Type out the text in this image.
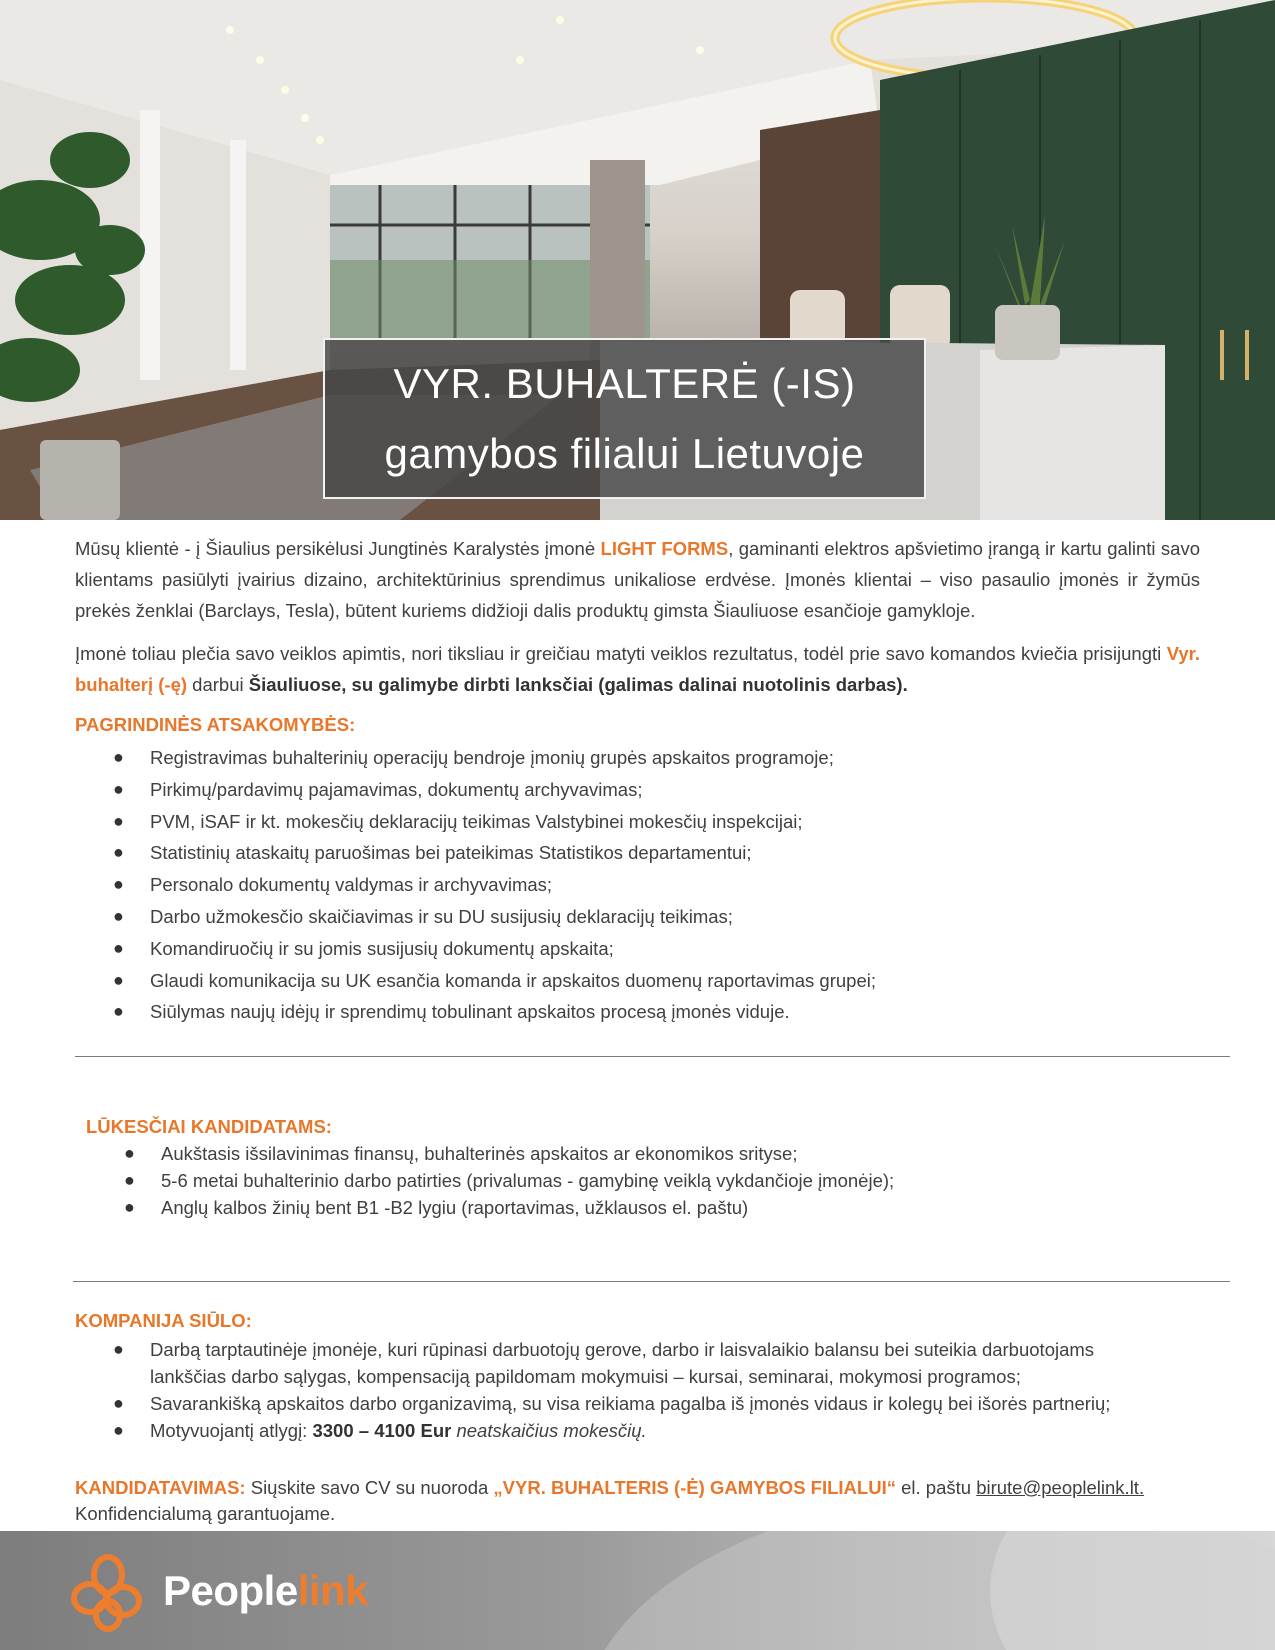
VYR. BUHALTERĖ (-IS)
gamybos filialui Lietuvoje

Mūsų klientė - į Šiaulius persikėlusi Jungtinės Karalystės įmonė LIGHT FORMS, gaminanti elektros apšvietimo įrangą ir kartu galinti savo klientams pasiūlyti įvairius dizaino, architektūrinius sprendimus unikaliose erdvėse. Įmonės klientai – viso pasaulio įmonės ir žymūs prekės ženklai (Barclays, Tesla), būtent kuriems didžioji dalis produktų gimsta Šiauliuose esančioje gamykloje.

Įmonė toliau plečia savo veiklos apimtis, nori tiksliau ir greičiau matyti veiklos rezultatus, todėl prie savo komandos kviečia prisijungti Vyr. buhalterį (-ę) darbui Šiauliuose, su galimybe dirbti lanksčiai (galimas dalinai nuotolinis darbas).

PAGRINDINĖS ATSAKOMYBĖS:

● Registravimas buhalterinių operacijų bendroje įmonių grupės apskaitos programoje;
● Pirkimų/pardavimų pajamavimas, dokumentų archyvavimas;
● PVM, iSAF ir kt. mokesčių deklaracijų teikimas Valstybinei mokesčių inspekcijai;
● Statistinių ataskaitų paruošimas bei pateikimas Statistikos departamentui;
● Personalo dokumentų valdymas ir archyvavimas;
● Darbo užmokesčio skaičiavimas ir su DU susijusių deklaracijų teikimas;
● Komandiruočių ir su jomis susijusių dokumentų apskaita;
● Glaudi komunikacija su UK esančia komanda ir apskaitos duomenų raportavimas grupei;
● Siūlymas naujų idėjų ir sprendimų tobulinant apskaitos procesą įmonės viduje.

LŪKESČIAI KANDIDATAMS:

● Aukštasis išsilavinimas finansų, buhalterinės apskaitos ar ekonomikos srityse;
● 5-6 metai buhalterinio darbo patirties (privalumas - gamybinę veiklą vykdančioje įmonėje);
● Anglų kalbos žinių bent B1 -B2 lygiu (raportavimas, užklausos el. paštu)

KOMPANIJA SIŪLO:

● Darbą tarptautinėje įmonėje, kuri rūpinasi darbuotojų gerove, darbo ir laisvalaikio balansu bei suteikia darbuotojams
lankščias darbo sąlygas, kompensaciją papildomam mokymuisi – kursai, seminarai, mokymosi programos;
● Savarankišką apskaitos darbo organizavimą, su visa reikiama pagalba iš įmonės vidaus ir kolegų bei išorės partnerių;
● Motyvuojantį atlygį: 3300 – 4100 Eur neatskaičius mokesčių.

KANDIDATAVIMAS: Siųskite savo CV su nuoroda „VYR. BUHALTERIS (-Ė) GAMYBOS FILIALUI“ el. paštu birute@peoplelink.lt.
Konfidencialumą garantuojame.

Peoplelink
